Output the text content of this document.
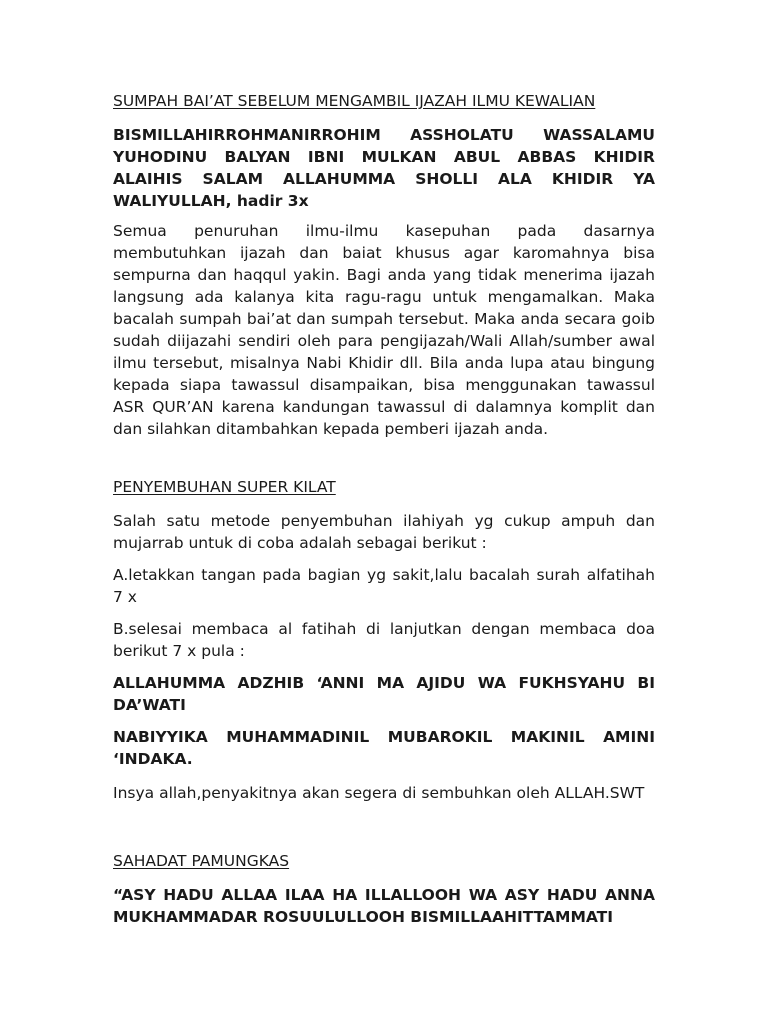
SUMPAH BAI’AT SEBELUM MENGAMBIL IJAZAH ILMU KEWALIAN

BISMILLAHIRROHMANIRROHIM ASSHOLATU WASSALAMU YUHODINU BALYAN IBNI MULKAN ABUL ABBAS KHIDIR ALAIHIS SALAM ALLAHUMMA SHOLLI ALA KHIDIR YA WALIYULLAH, hadir 3x

Semua penuruhan ilmu-ilmu kasepuhan pada dasarnya membutuhkan ijazah dan baiat khusus agar karomahnya bisa sempurna dan haqqul yakin. Bagi anda yang tidak menerima ijazah langsung ada kalanya kita ragu-ragu untuk mengamalkan. Maka bacalah sumpah bai’at dan sumpah tersebut. Maka anda secara goib sudah diijazahi sendiri oleh para pengijazah/Wali Allah/sumber awal ilmu tersebut, misalnya Nabi Khidir dll. Bila anda lupa atau bingung kepada siapa tawassul disampaikan, bisa menggunakan tawassul ASR QUR’AN karena kandungan tawassul di dalamnya komplit dan dan silahkan ditambahkan kepada pemberi ijazah anda.

PENYEMBUHAN SUPER KILAT

Salah satu metode penyembuhan ilahiyah yg cukup ampuh dan mujarrab untuk di coba adalah sebagai berikut :

A.letakkan tangan pada bagian yg sakit,lalu bacalah surah alfatihah 7 x

B.selesai membaca al fatihah di lanjutkan dengan membaca doa berikut 7 x pula :

ALLAHUMMA ADZHIB ‘ANNI MA AJIDU WA FUKHSYAHU BI DA’WATI

NABIYYIKA MUHAMMADINIL MUBAROKIL MAKINIL AMINI ‘INDAKA.

Insya allah,penyakitnya akan segera di sembuhkan oleh ALLAH.SWT

SAHADAT PAMUNGKAS

“ASY HADU ALLAA ILAA HA ILLALLOOH WA ASY HADU ANNA MUKHAMMADAR ROSUULULLOOH BISMILLAAHITTAMMATI
